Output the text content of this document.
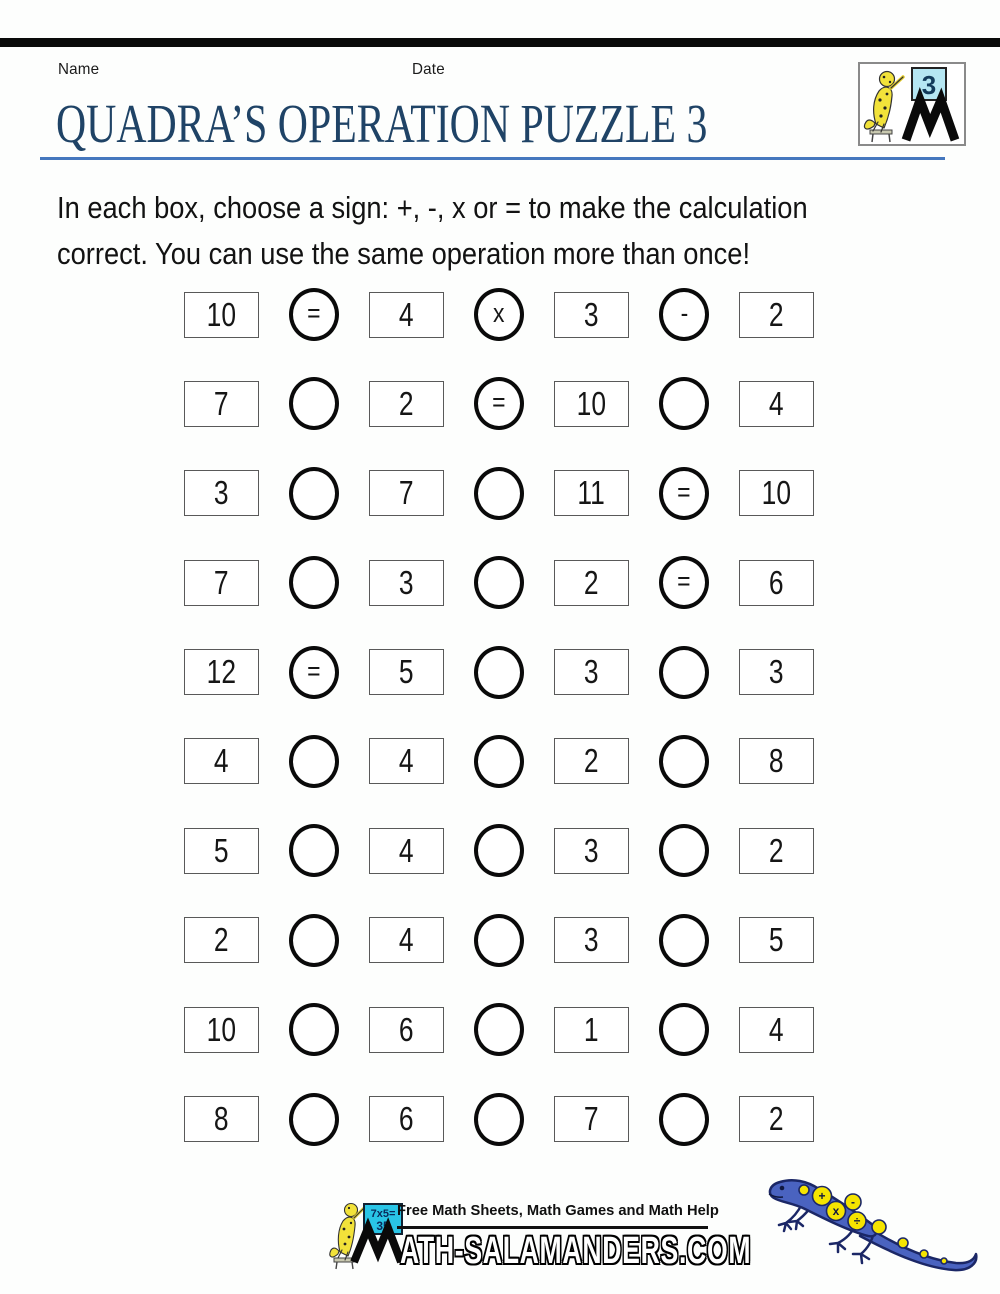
Name	Date
QUADRA’S OPERATION PUZZLE 3
3
In each box, choose a sign: +, -, x or = to make the calculation
correct. You can use the same operation more than once!
10	= 4	x 3	- 2
7	2	= 10	4
3	7	11	= 10
7	3	2	= 6
12	= 5	3	3
4	4	2	8
5	4	3	2
2	4	3	5
10	6	1	4
8	6	7	2
7x5=
35
Free Math Sheets, Math Games and Math Help
ATH-SALAMANDERS.COM
+
x
-
÷
